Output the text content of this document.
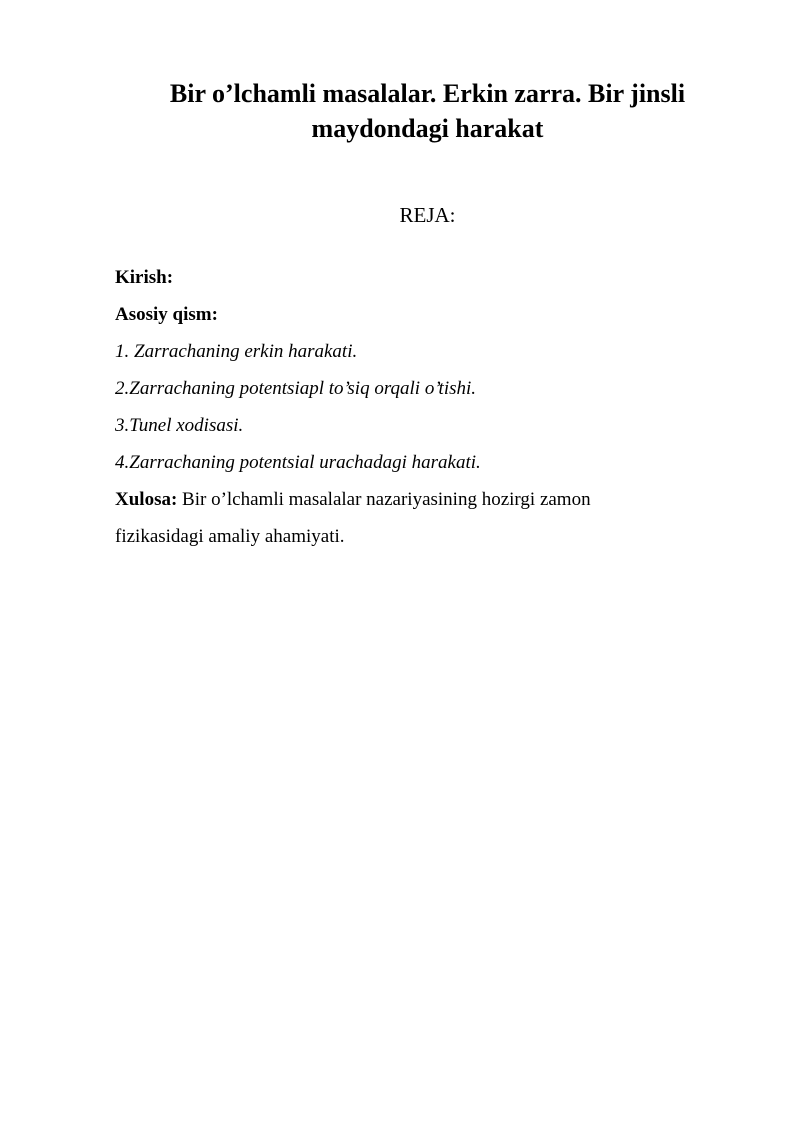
Bir o’lchamli masalalar. Erkin zarra. Bir jinsli
maydondagi harakat

REJA:

Kirish:
Asosiy qism:
1. Zarrachaning erkin harakati.
2.Zarrachaning potentsiapl to’siq orqali o’tishi.
3.Tunel xodisasi.
4.Zarrachaning potentsial urachadagi harakati.
Xulosa: Bir o’lchamli masalalar nazariyasining hozirgi zamon
fizikasidagi amaliy ahamiyati.
